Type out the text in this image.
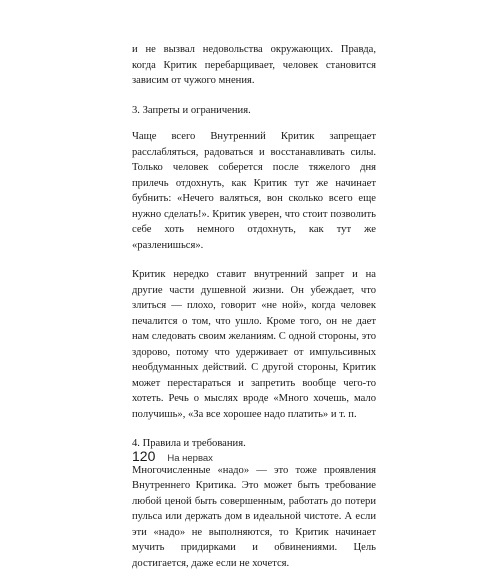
и не вызвал недовольства окружающих. Правда, когда Критик перебарщивает, человек становится зависим от чужого мнения.

3. Запреты и ограничения.

Чаще всего Внутренний Критик запрещает расслабляться, радоваться и восстанавливать силы. Только человек соберется после тяжелого дня прилечь отдохнуть, как Критик тут же начинает бубнить: «Нечего валяться, вон сколько всего еще нужно сделать!». Критик уверен, что стоит позволить себе хоть немного отдохнуть, как тут же «разленишься».

Критик нередко ставит внутренний запрет и на другие части душевной жизни. Он убеждает, что злиться — плохо, говорит «не ной», когда человек печалится о том, что ушло. Кроме того, он не дает нам следовать своим желаниям. С одной стороны, это здорово, потому что удерживает от импульсивных необдуманных действий. С другой стороны, Критик может перестараться и запретить вообще чего-то хотеть. Речь о мыслях вроде «Много хочешь, мало получишь», «За все хорошее надо платить» и т. п.

4. Правила и требования.

Многочисленные «надо» — это тоже проявления Внутреннего Критика. Это может быть требование любой ценой быть совершенным, работать до потери пульса или держать дом в идеальной чистоте. А если эти «надо» не выполняются, то Критик начинает мучить придирками и обвинениями. Цель достигается, даже если не хочется.

120 На нервах
